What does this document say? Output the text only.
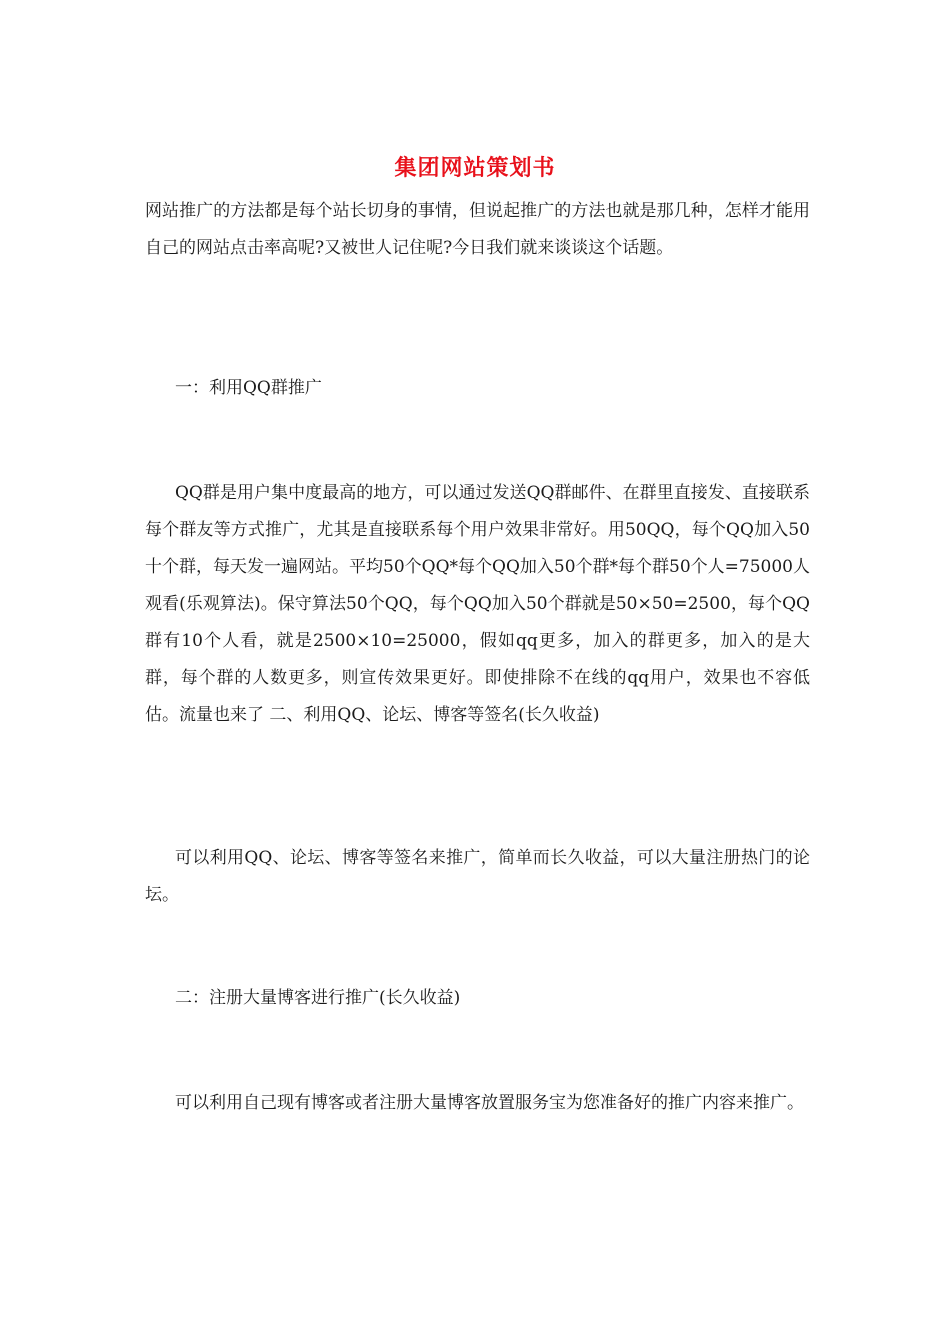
集团网站策划书

网站推广的方法都是每个站长切身的事情，但说起推广的方法也就是那几种，怎样才能用自己的网站点击率高呢?又被世人记住呢?今日我们就来谈谈这个话题。

一：利用QQ群推广

QQ群是用户集中度最高的地方，可以通过发送QQ群邮件、在群里直接发、直接联系每个群友等方式推广，尤其是直接联系每个用户效果非常好。用50QQ，每个QQ加入50十个群，每天发一遍网站。平均50个QQ*每个QQ加入50个群*每个群50个人=75000人观看(乐观算法)。保守算法50个QQ，每个QQ加入50个群就是50×50=2500，每个QQ群有10个人看，就是2500×10=25000，假如qq更多，加入的群更多，加入的是大群，每个群的人数更多，则宣传效果更好。即使排除不在线的qq用户，效果也不容低估。流量也来了 二、利用QQ、论坛、博客等签名(长久收益)

可以利用QQ、论坛、博客等签名来推广，简单而长久收益，可以大量注册热门的论坛。

二：注册大量博客进行推广(长久收益)

可以利用自己现有博客或者注册大量博客放置服务宝为您准备好的推广内容来推广。
